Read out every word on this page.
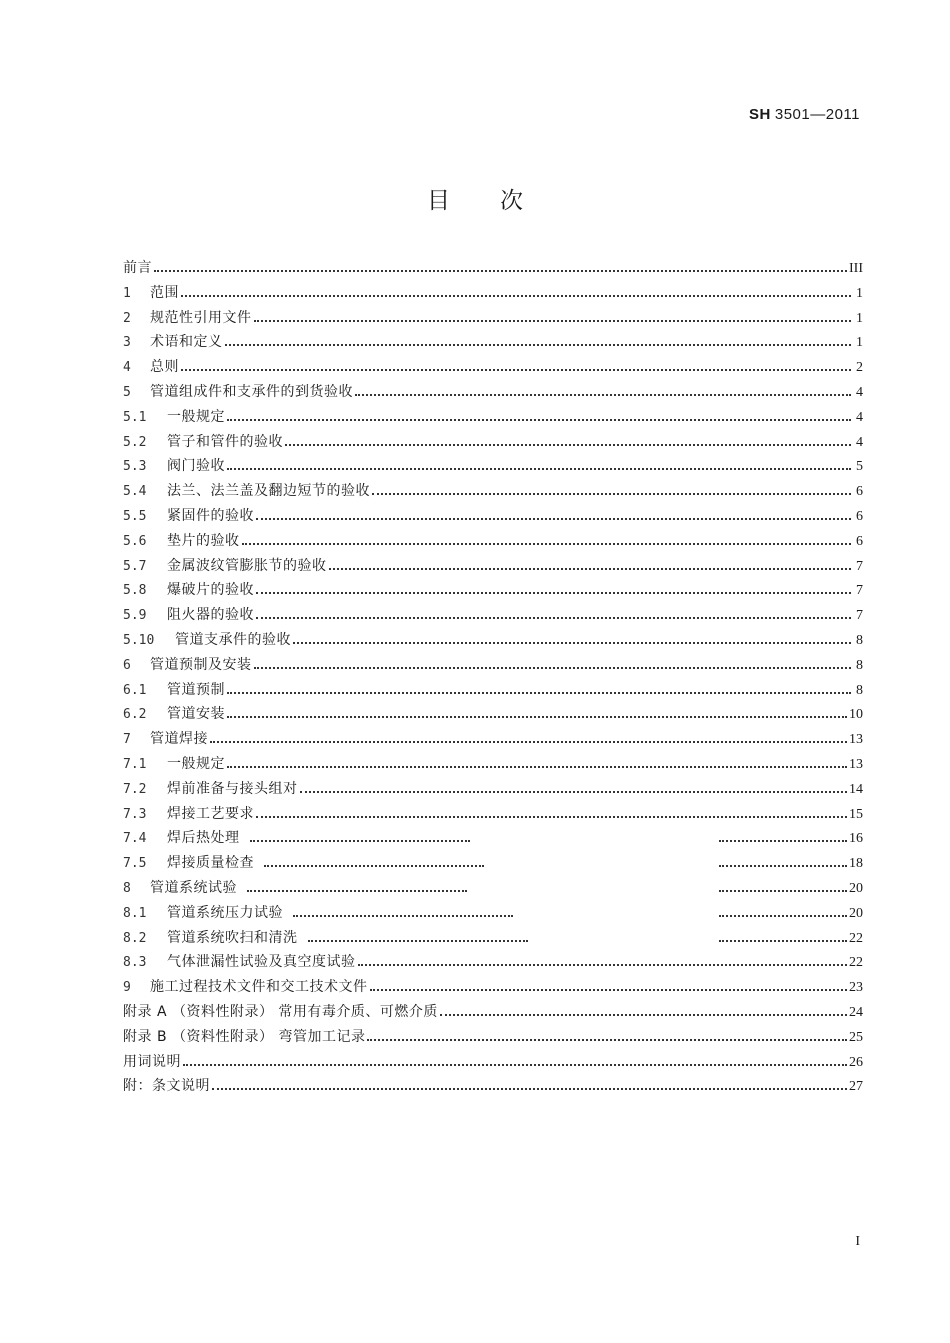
SH 3501—2011
目 次
前言	III
1	范围	1
2	规范性引用文件	1
3	术语和定义	1
4	总则	2
5	管道组成件和支承件的到货验收	4
5.1	一般规定	4
5.2	管子和管件的验收	4
5.3	阀门验收	5
5.4	法兰、法兰盖及翻边短节的验收	6
5.5	紧固件的验收	6
5.6	垫片的验收	6
5.7	金属波纹管膨胀节的验收	7
5.8	爆破片的验收	7
5.9	阻火器的验收	7
5.10	管道支承件的验收	8
6	管道预制及安装	8
6.1	管道预制	8
6.2	管道安装	10
7	管道焊接	13
7.1	一般规定	13
7.2	焊前准备与接头组对	14
7.3	焊接工艺要求	15
7.4	焊后热处理	16
7.5	焊接质量检查	18
8	管道系统试验	20
8.1	管道系统压力试验	20
8.2	管道系统吹扫和清洗	22
8.3	气体泄漏性试验及真空度试验	22
9	施工过程技术文件和交工技术文件	23
附录 A （资料性附录） 常用有毒介质、可燃介质	24
附录 B （资料性附录） 弯管加工记录	25
用词说明	26
附：条文说明	27
I
